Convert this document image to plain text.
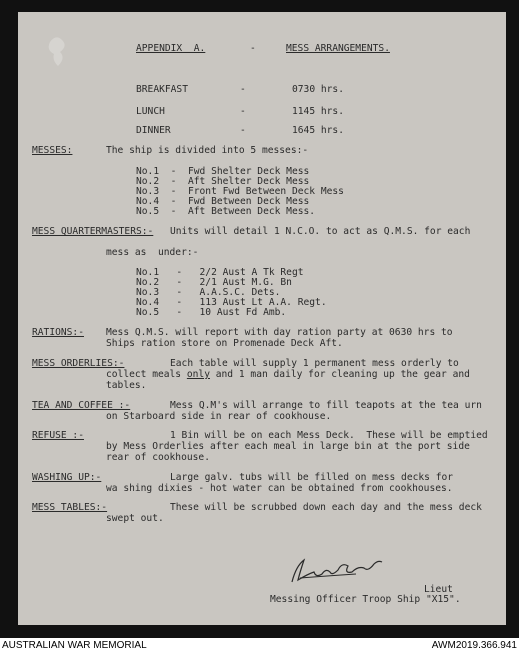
APPENDIX  A.	-	MESS ARRANGEMENTS.
BREAKFAST	-	0730 hrs.
LUNCH	-	1145 hrs.
DINNER	-	1645 hrs.
MESSES:	The ship is divided into 5 messes:-
No.1  -  Fwd Shelter Deck Mess
No.2  -  Aft Shelter Deck Mess
No.3  -  Front Fwd Between Deck Mess
No.4  -  Fwd Between Deck Mess
No.5  -  Aft Between Deck Mess.
MESS QUARTERMASTERS:- Units will detail 1 N.C.O. to act as Q.M.S. for each
mess as  under:-
No.1   -   2/2 Aust A Tk Regt
No.2   -   2/1 Aust M.G. Bn
No.3   -   A.A.S.C. Dets.
No.4   -   113 Aust Lt A.A. Regt.
No.5   -   10 Aust Fd Amb.
RATIONS:- Mess Q.M.S. will report with day ration party at 0630 hrs to
Ships ration store on Promenade Deck Aft.
MESS ORDERLIES:-	Each table will supply 1 permanent mess orderly to
collect meals only and 1 man daily for cleaning up the gear and
tables.
TEA AND COFFEE :-	Mess Q.M's will arrange to fill teapots at the tea urn
on Starboard side in rear of cookhouse.
REFUSE :-	1 Bin will be on each Mess Deck.  These will be emptied
by Mess Orderlies after each meal in large bin at the port side
rear of cookhouse.
WASHING UP:-	Large galv. tubs will be filled on mess decks for
wa shing dixies - hot water can be obtained from cookhouses.
MESS TABLES:-	These will be scrubbed down each day and the mess deck
swept out.
Lieut
Messing Officer Troop Ship "X15".
AUSTRALIAN WAR MEMORIAL	AWM2019.366.941
